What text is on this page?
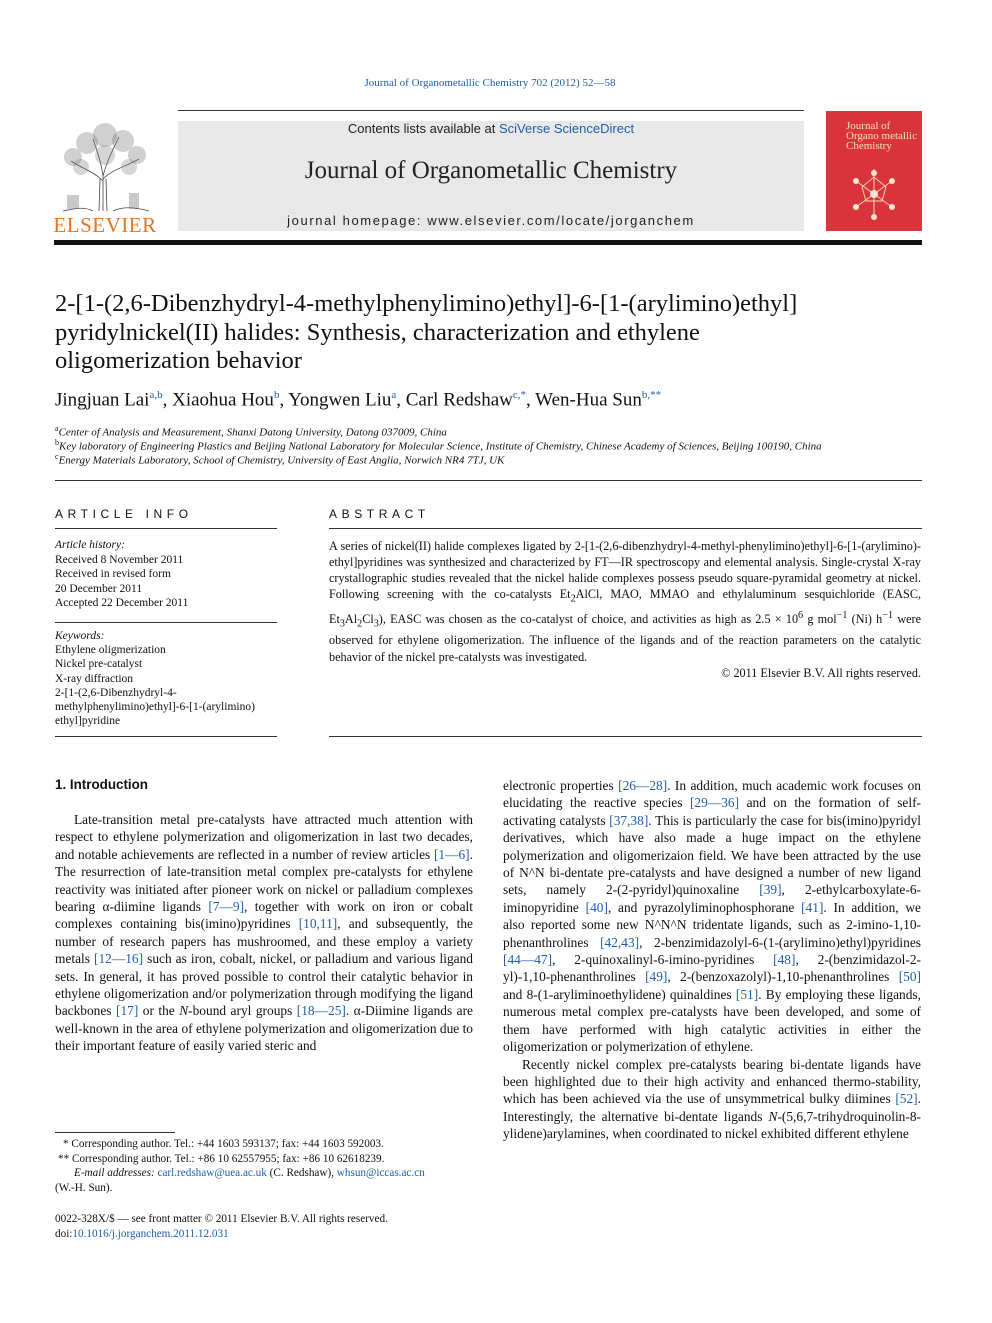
Journal of Organometallic Chemistry 702 (2012) 52—58
ELSEVIER
Contents lists available at SciVerse ScienceDirect
Journal of Organometallic Chemistry
journal homepage: www.elsevier.com/locate/jorganchem
Journal of Organo metallic Chemistry
2-[1-(2,6-Dibenzhydryl-4-methylphenylimino)ethyl]-6-[1-(arylimino)ethyl]
pyridylnickel(II) halides: Synthesis, characterization and ethylene
oligomerization behavior
Jingjuan Lai$^{a,b}$, Xiaohua Hou$^b$, Yongwen Liu$^a$, Carl Redshaw$^{c,*}$, Wen-Hua Sun$^{b,**}$
$^a$Center of Analysis and Measurement, Shanxi Datong University, Datong 037009, China
$^b$Key laboratory of Engineering Plastics and Beijing National Laboratory for Molecular Science, Institute of Chemistry, Chinese Academy of Sciences, Beijing 100190, China
$^c$Energy Materials Laboratory, School of Chemistry, University of East Anglia, Norwich NR4 7TJ, UK
ARTICLE INFO
Article history:
Received 8 November 2011
Received in revised form
20 December 2011
Accepted 22 December 2011
Keywords:
Ethylene oligmerization
Nickel pre-catalyst
X-ray diffraction
2-[1-(2,6-Dibenzhydryl-4-
methylphenylimino)ethyl]-6-[1-(arylimino)
ethyl]pyridine
ABSTRACT
A series of nickel(II) halide complexes ligated by 2-[1-(2,6-dibenzhydryl-4-methyl-phenylimino)ethyl]-6-[1-(arylimino)-ethyl]pyridines was synthesized and characterized by FT—IR spectroscopy and elemental analysis. Single-crystal X-ray crystallographic studies revealed that the nickel halide complexes possess pseudo square-pyramidal geometry at nickel. Following screening with the co-catalysts $Et_2AlCl$, MAO, MMAO and ethylaluminum sesquichloride (EASC, $Et_3Al_2Cl_3$), EASC was chosen as the co-catalyst of choice, and activities as high as $2.5 \times 10^6$ g mol$^{-1}$ (Ni) $h^{-1}$ were observed for ethylene oligomerization. The influence of the ligands and of the reaction parameters on the catalytic behavior of the nickel pre-catalysts was investigated.
© 2011 Elsevier B.V. All rights reserved.
1. Introduction

Late-transition metal pre-catalysts have attracted much attention with respect to ethylene polymerization and oligomerization in last two decades, and notable achievements are reflected in a number of review articles [1—6]. The resurrection of late-transition metal complex pre-catalysts for ethylene reactivity was initiated after pioneer work on nickel or palladium complexes bearing α-diimine ligands [7—9], together with work on iron or cobalt complexes containing bis(imino)pyridines [10,11], and subsequently, the number of research papers has mushroomed, and these employ a variety metals [12—16] such as iron, cobalt, nickel, or palladium and various ligand sets. In general, it has proved possible to control their catalytic behavior in ethylene oligomerization and/or polymerization through modifying the ligand backbones [17] or the N-bound aryl groups [18—25]. α-Diimine ligands are well-known in the area of ethylene polymerization and oligomerization due to their important feature of easily varied steric and

electronic properties [26—28]. In addition, much academic work focuses on elucidating the reactive species [29—36] and on the formation of self-activating catalysts [37,38]. This is particularly the case for bis(imino)pyridyl derivatives, which have also made a huge impact on the ethylene polymerization and oligomerizaion field. We have been attracted by the use of N^N bi-dentate pre-catalysts and have designed a number of new ligand sets, namely 2-(2-pyridyl)quinoxaline [39], 2-ethylcarboxylate-6-iminopyridine [40], and pyrazolyliminophosphorane [41]. In addition, we also reported some new N^N^N tridentate ligands, such as 2-imino-1,10-phenanthrolines [42,43], 2-benzimidazolyl-6-(1-(arylimino)ethyl)pyridines [44—47], 2-quinoxalinyl-6-imino-pyridines [48], 2-(benzimidazol-2-yl)-1,10-phenanthrolines [49], 2-(benzoxazolyl)-1,10-phenanthrolines [50] and 8-(1-aryliminoethylidene) quinaldines [51]. By employing these ligands, numerous metal complex pre-catalysts have been developed, and some of them have performed with high catalytic activities in either the oligomerization or polymerization of ethylene.

Recently nickel complex pre-catalysts bearing bi-dentate ligands have been highlighted due to their high activity and enhanced thermo-stability, which has been achieved via the use of unsymmetrical bulky diimines [52]. Interestingly, the alternative bi-dentate ligands N-(5,6,7-trihydroquinolin-8-ylidene)arylamines, when coordinated to nickel exhibited different ethylene

* Corresponding author. Tel.: +44 1603 593137; fax: +44 1603 592003.
** Corresponding author. Tel.: +86 10 62557955; fax: +86 10 62618239.
E-mail addresses: carl.redshaw@uea.ac.uk (C. Redshaw), whsun@iccas.ac.cn
(W.-H. Sun).
0022-328X/$ — see front matter © 2011 Elsevier B.V. All rights reserved.
doi:10.1016/j.jorganchem.2011.12.031
